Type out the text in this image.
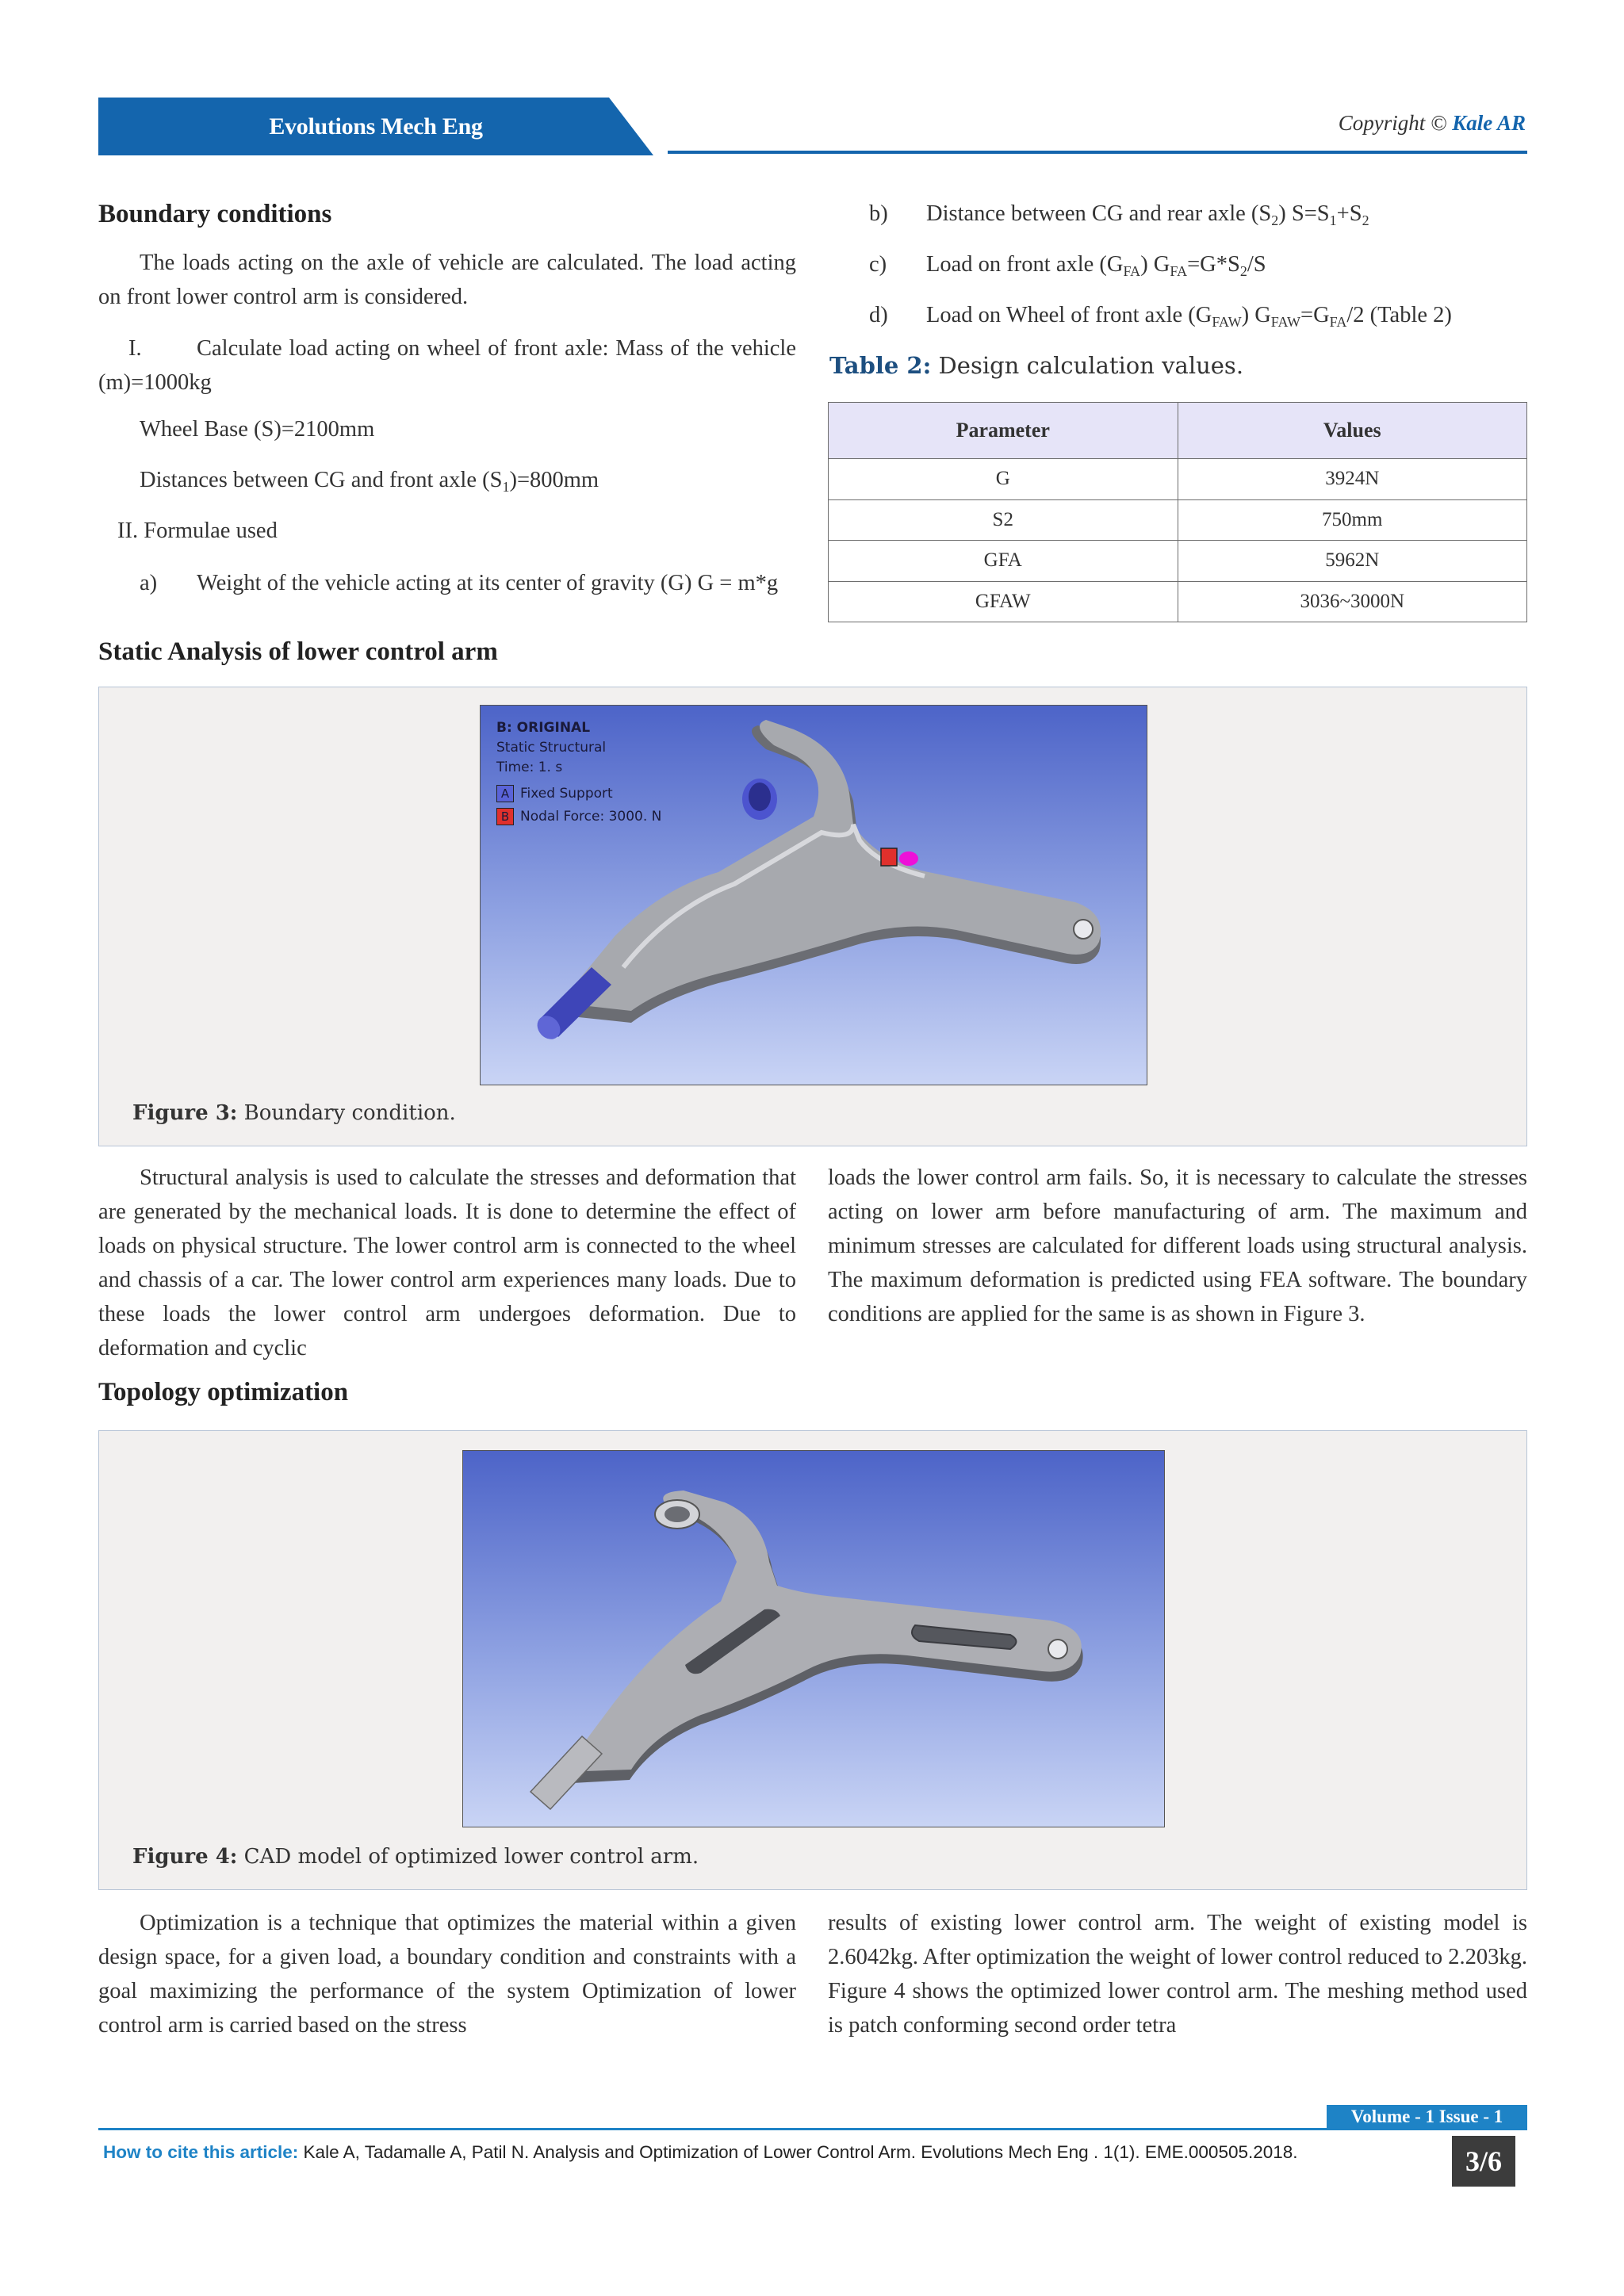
Evolutions Mech Eng	Copyright © Kale AR
Boundary conditions
The loads acting on the axle of vehicle are calculated. The load acting on front lower control arm is considered.
I. Calculate load acting on wheel of front axle: Mass of the vehicle (m)=1000kg
Wheel Base (S)=2100mm
Distances between CG and front axle $(S_1)=800mm$
II. Formulae used
a) Weight of the vehicle acting at its center of gravity (G) G = m*g
b) Distance between CG and rear axle $(S_2)$ $S=S_1+S_2$
c) Load on front axle $(G_{FA})$ $G_{FA}=G*S_2/S$
d) Load on Wheel of front axle $(G_{FAW})$ $G_{FAW}=G_{FA}/2$ (Table 2)
Table 2: Design calculation values.
Parameter	Values
G	3924N
S2	750mm
GFA	5962N
GFAW	3036~3000N
Static Analysis of lower control arm
B: ORIGINAL
Static Structural
Time: 1. s
A Fixed Support
B Nodal Force: 3000. N
Figure 3: Boundary condition.
Structural analysis is used to calculate the stresses and deformation that are generated by the mechanical loads. It is done to determine the effect of loads on physical structure. The lower control arm is connected to the wheel and chassis of a car. The lower control arm experiences many loads. Due to these loads the lower control arm undergoes deformation. Due to deformation and cyclic
loads the lower control arm fails. So, it is necessary to calculate the stresses acting on lower arm before manufacturing of arm. The maximum and minimum stresses are calculated for different loads using structural analysis. The maximum deformation is predicted using FEA software. The boundary conditions are applied for the same is as shown in Figure 3.
Topology optimization
Figure 4: CAD model of optimized lower control arm.
Optimization is a technique that optimizes the material within a given design space, for a given load, a boundary condition and constraints with a goal maximizing the performance of the system Optimization of lower control arm is carried based on the stress
results of existing lower control arm. The weight of existing model is 2.6042kg. After optimization the weight of lower control reduced to 2.203kg. Figure 4 shows the optimized lower control arm. The meshing method used is patch conforming second order tetra
Volume - 1 Issue - 1
How to cite this article: Kale A, Tadamalle A, Patil N. Analysis and Optimization of Lower Control Arm. Evolutions Mech Eng . 1(1). EME.000505.2018.	3/6
